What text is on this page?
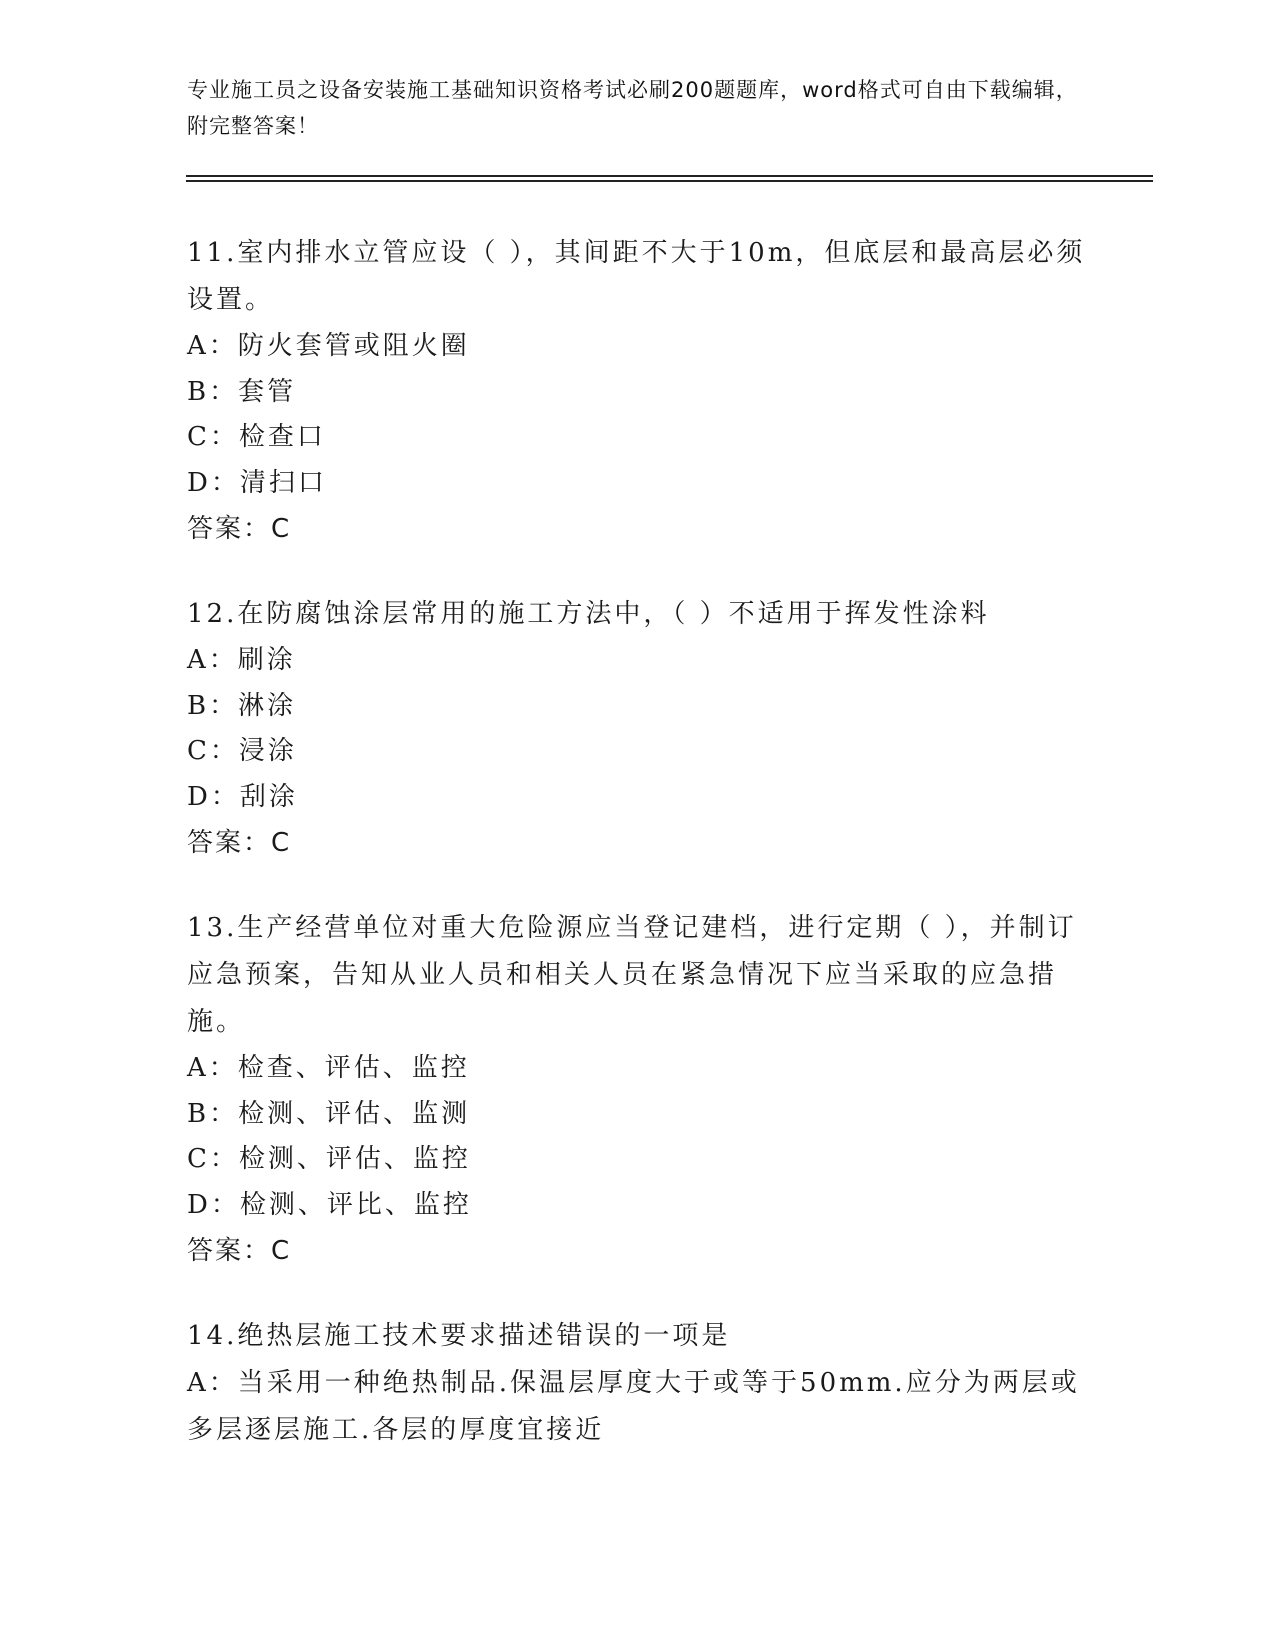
专业施工员之设备安装施工基础知识资格考试必刷200题题库，word格式可自由下载编辑，附完整答案！
11.室内排水立管应设（ ），其间距不大于10m，但底层和最高层必须设置。
A：防火套管或阻火圈
B：套管
C：检查口
D：清扫口
答案：C
12.在防腐蚀涂层常用的施工方法中，（ ）不适用于挥发性涂料
A：刷涂
B：淋涂
C：浸涂
D：刮涂
答案：C
13.生产经营单位对重大危险源应当登记建档，进行定期（ ），并制订应急预案，告知从业人员和相关人员在紧急情况下应当采取的应急措施。
A：检查、评估、监控
B：检测、评估、监测
C：检测、评估、监控
D：检测、评比、监控
答案：C
14.绝热层施工技术要求描述错误的一项是
A：当采用一种绝热制品.保温层厚度大于或等于50mm.应分为两层或多层逐层施工.各层的厚度宜接近
